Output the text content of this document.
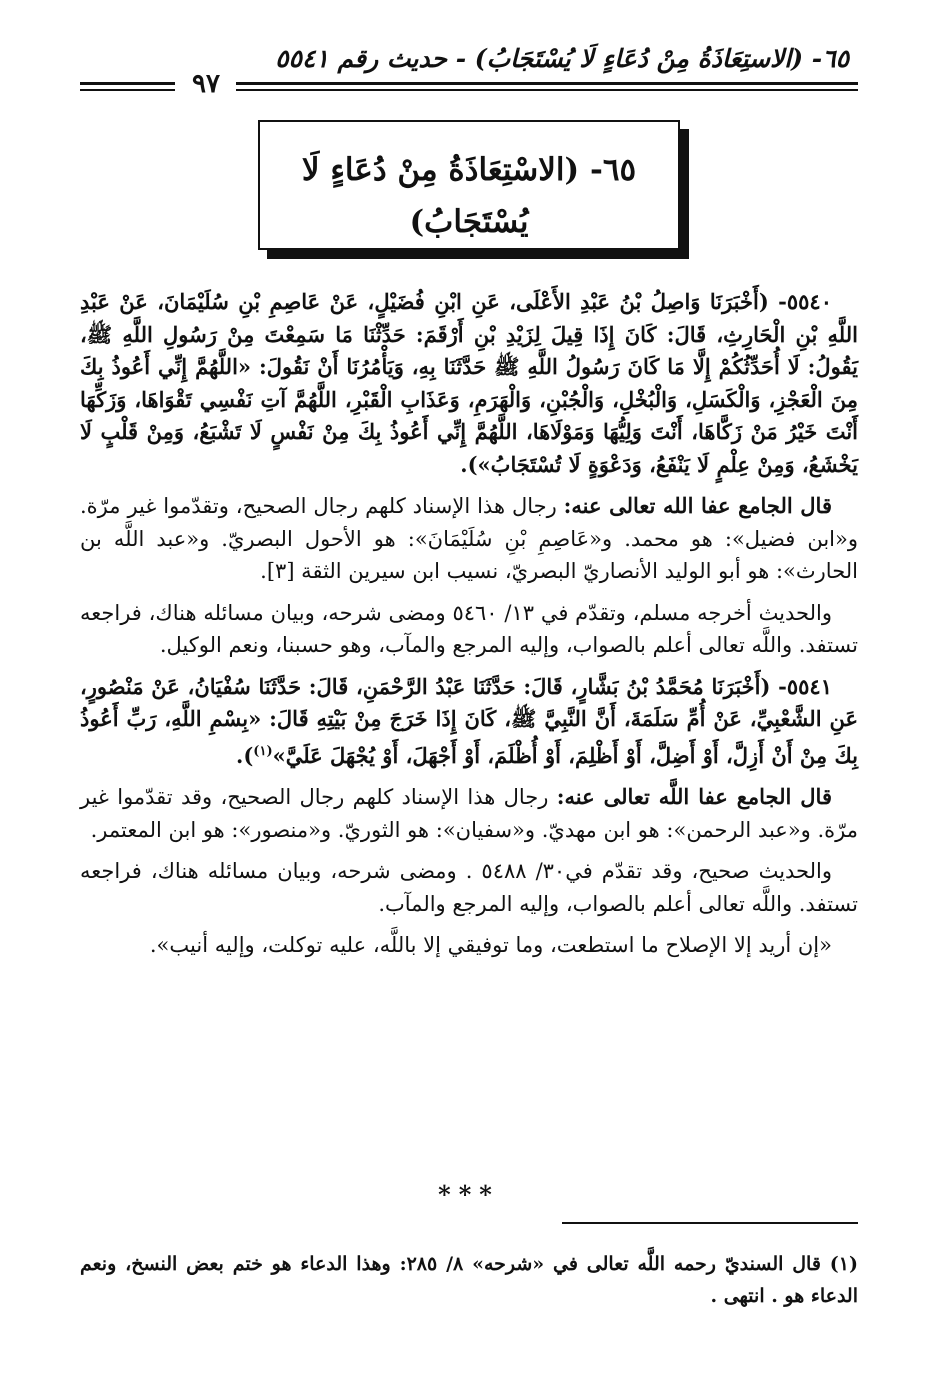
٦٥- (الاستِعَاذَةُ مِنْ دُعَاءٍ لَا يُسْتَجَابُ) - حديث رقم ٥٥٤١
٩٧
٦٥- (الاسْتِعَاذَةُ مِنْ دُعَاءٍ لَا يُسْتَجَابُ)

٥٥٤٠- (أَخْبَرَنَا وَاصِلُ بْنُ عَبْدِ الأَعْلَى، عَنِ ابْنِ فُضَيْلٍ، عَنْ عَاصِمِ بْنِ سُلَيْمَانَ، عَنْ عَبْدِ اللَّهِ بْنِ الْحَارِثِ، قَالَ: كَانَ إِذَا قِيلَ لِزَيْدِ بْنِ أَرْقَمَ: حَدِّثْنَا مَا سَمِعْتَ مِنْ رَسُولِ اللَّهِ ﷺ، يَقُولُ: لَا أُحَدِّثُكُمْ إِلَّا مَا كَانَ رَسُولُ اللَّهِ ﷺ حَدَّثَنَا بِهِ، وَيَأْمُرُنَا أَنْ نَقُولَ: «اللَّهُمَّ إِنِّي أَعُوذُ بِكَ مِنَ الْعَجْزِ، وَالْكَسَلِ، وَالْبُخْلِ، وَالْجُبْنِ، وَالْهَرَمِ، وَعَذَابِ الْقَبْرِ، اللَّهُمَّ آتِ نَفْسِي تَقْوَاهَا، وَزَكِّهَا أَنْتَ خَيْرُ مَنْ زَكَّاهَا، أَنْتَ وَلِيُّهَا وَمَوْلَاهَا، اللَّهُمَّ إِنِّي أَعُوذُ بِكَ مِنْ نَفْسٍ لَا تَشْبَعُ، وَمِنْ قَلْبٍ لَا يَخْشَعُ، وَمِنْ عِلْمٍ لَا يَنْفَعُ، وَدَعْوَةٍ لَا تُسْتَجَابُ»).

قال الجامع عفا الله تعالى عنه: رجال هذا الإسناد كلهم رجال الصحيح، وتقدّموا غير مرّة. و«ابن فضيل»: هو محمد. و«عَاصِمِ بْنِ سُلَيْمَانَ»: هو الأحول البصريّ. و«عبد اللَّه بن الحارث»: هو أبو الوليد الأنصاريّ البصريّ، نسيب ابن سيرين الثقة [٣].

والحديث أخرجه مسلم، وتقدّم في ١٣/ ٥٤٦٠ ومضى شرحه، وبيان مسائله هناك، فراجعه تستفد. واللَّه تعالى أعلم بالصواب، وإليه المرجع والمآب، وهو حسبنا، ونعم الوكيل.

٥٥٤١- (أَخْبَرَنَا مُحَمَّدُ بْنُ بَشَّارٍ، قَالَ: حَدَّثَنَا عَبْدُ الرَّحْمَنِ، قَالَ: حَدَّثَنَا سُفْيَانُ، عَنْ مَنْصُورٍ، عَنِ الشَّعْبِيِّ، عَنْ أُمِّ سَلَمَةَ، أَنَّ النَّبِيَّ ﷺ، كَانَ إِذَا خَرَجَ مِنْ بَيْتِهِ قَالَ: «بِسْمِ اللَّهِ، رَبِّ أَعُوذُ بِكَ مِنْ أَنْ أَزِلَّ، أَوْ أَضِلَّ، أَوْ أَظْلِمَ، أَوْ أُظْلَمَ، أَوْ أَجْهَلَ، أَوْ يُجْهَلَ عَلَيَّ»$^{(١)}$).

قال الجامع عفا اللَّه تعالى عنه: رجال هذا الإسناد كلهم رجال الصحيح، وقد تقدّموا غير مرّة. و«عبد الرحمن»: هو ابن مهديّ. و«سفيان»: هو الثوريّ. و«منصور»: هو ابن المعتمر.

والحديث صحيح، وقد تقدّم في٣٠/ ٥٤٨٨ . ومضى شرحه، وبيان مسائله هناك، فراجعه تستفد. واللَّه تعالى أعلم بالصواب، وإليه المرجع والمآب.

«إن أريد إلا الإصلاح ما استطعت، وما توفيقي إلا باللَّه، عليه توكلت، وإليه أنيب».

***
(١) قال السنديّ رحمه اللَّه تعالى في «شرحه» ٨/ ٢٨٥: وهذا الدعاء هو ختم بعض النسخ، ونعم الدعاء هو . انتهى .
